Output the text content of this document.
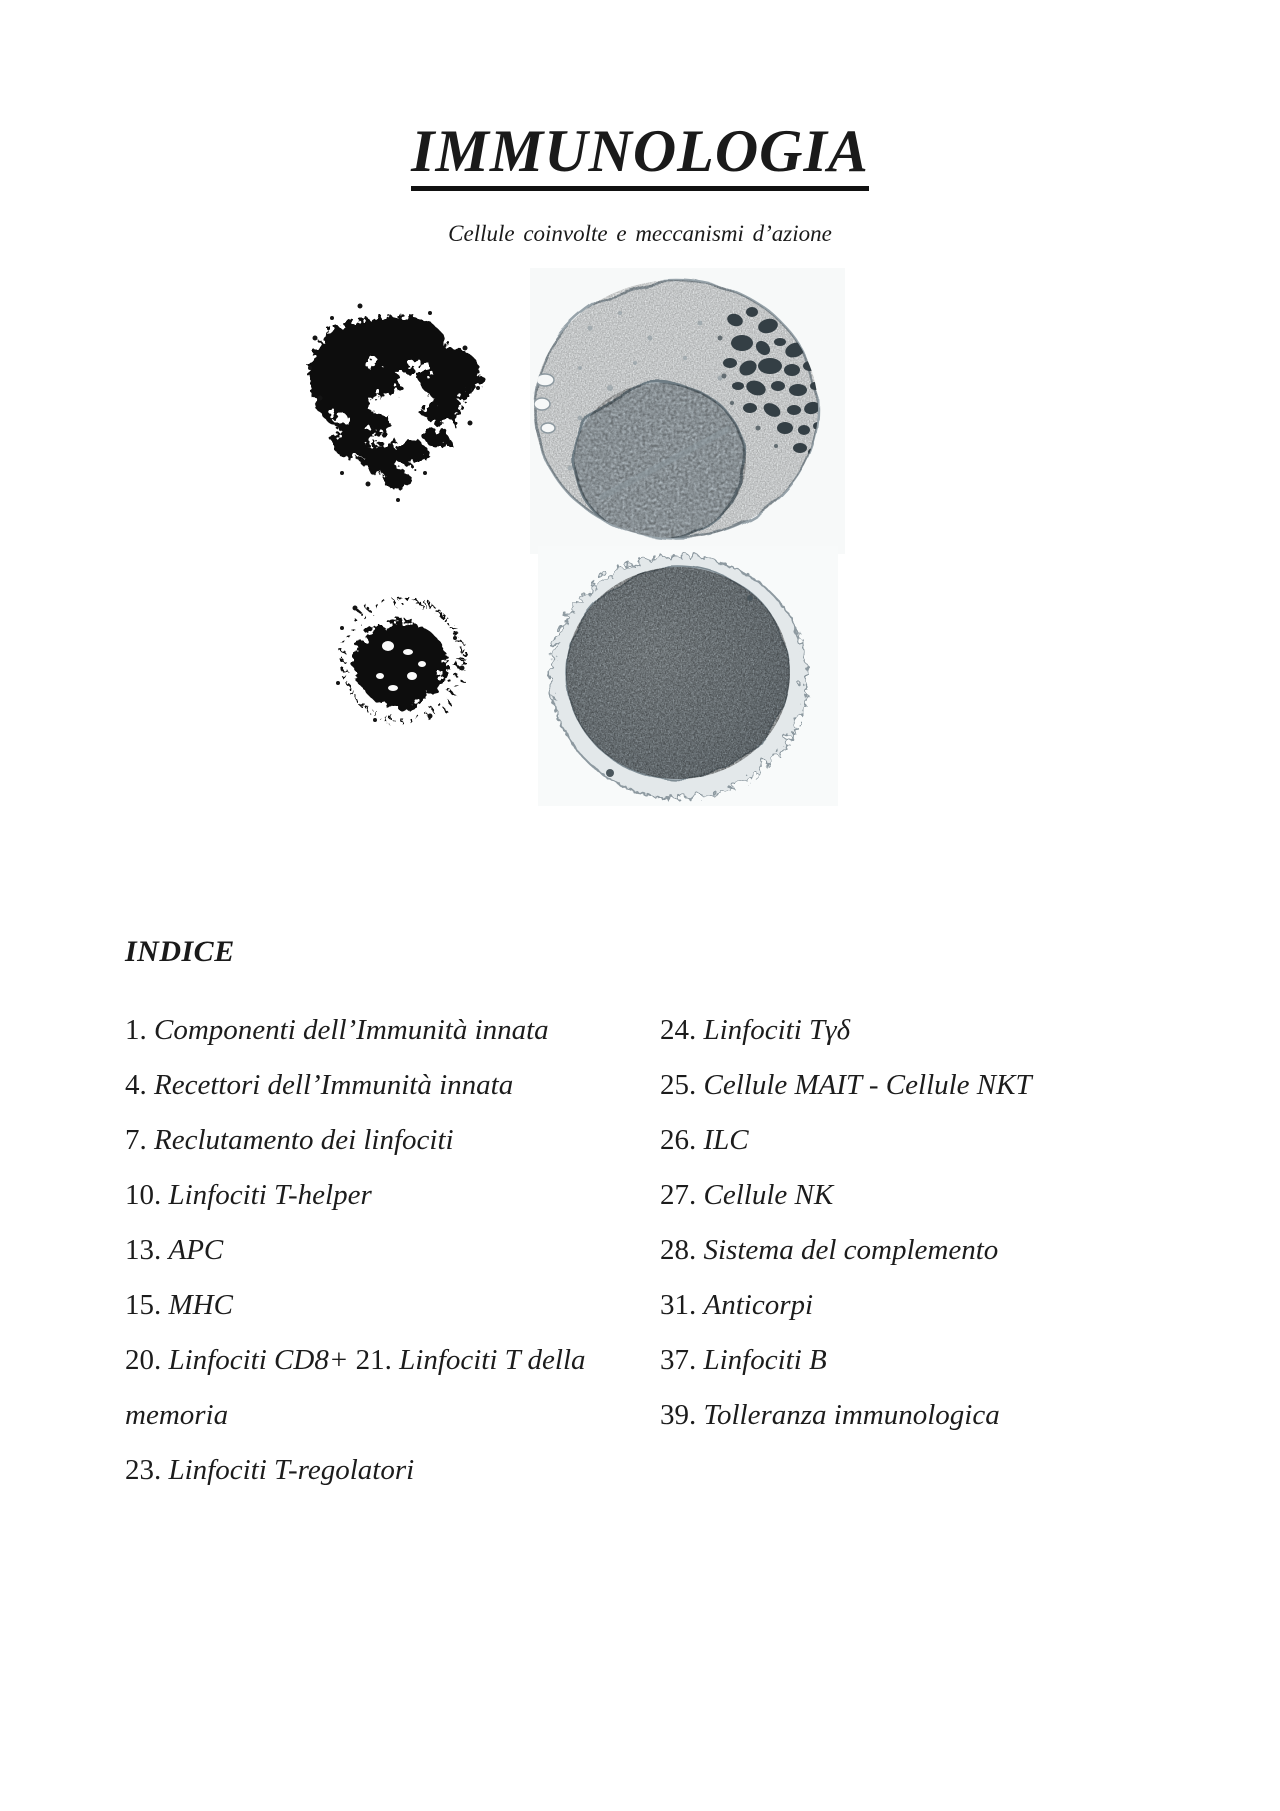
IMMUNOLOGIA
Cellule coinvolte e meccanismi d’azione
INDICE

1. Componenti dell’Immunità innata

4. Recettori dell’Immunità innata

7. Reclutamento dei linfociti

10. Linfociti T-helper

13. APC

15. MHC

20. Linfociti CD8+ 21. Linfociti T della memoria

23. Linfociti T-regolatori

24. Linfociti Tγδ

25. Cellule MAIT - Cellule NKT

26. ILC

27. Cellule NK

28. Sistema del complemento

31. Anticorpi

37. Linfociti B

39. Tolleranza immunologica
